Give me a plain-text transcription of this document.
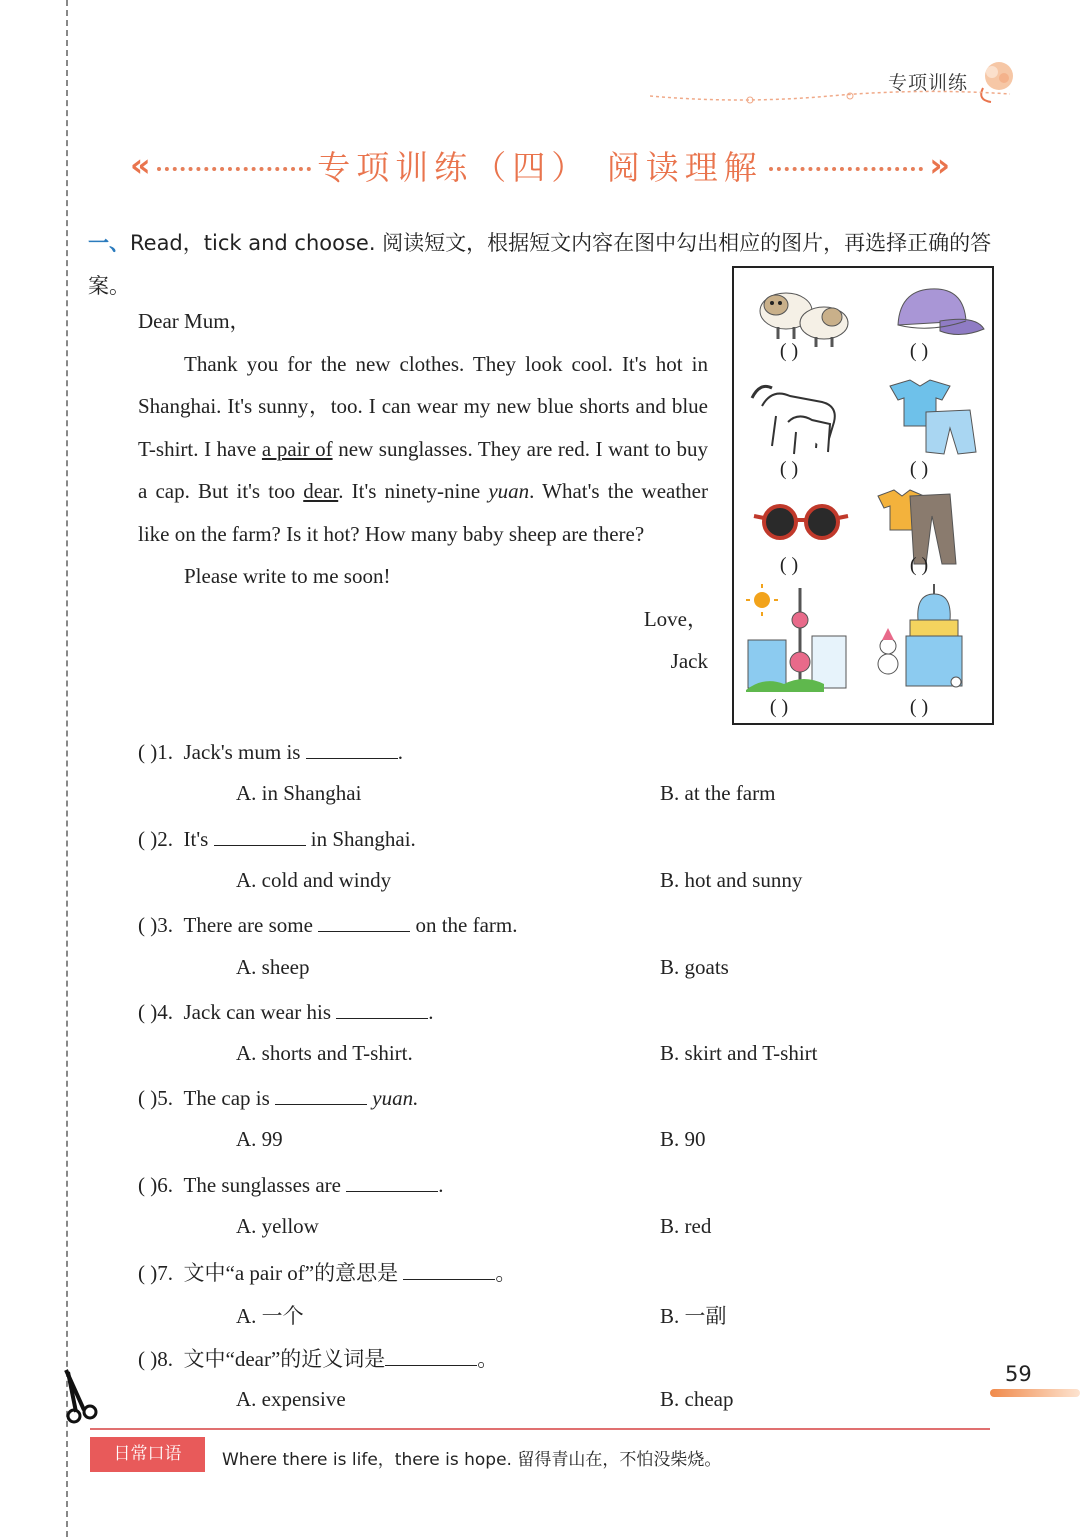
专项训练
«	专项训练（四） 阅读理解	»
一、Read，tick and choose. 阅读短文，根据短文内容在图中勾出相应的图片，再选择正确的答案。

Dear Mum，

Thank you for the new clothes. They look cool. It's hot in Shanghai. It's sunny，too. I can wear my new blue shorts and blue T-shirt. I have a pair of new sunglasses. They are red. I want to buy a cap. But it's too dear. It's ninety-nine yuan. What's the weather like on the farm? Is it hot? How many baby sheep are there?

Please write to me soon!

Love，

Jack

( )	( )
( )	( )
( )	( )
( )	( )
( )1. Jack's mum is	.
A. in Shanghai	B. at the farm
( )2. It's	in Shanghai.
A. cold and windy	B. hot and sunny
( )3. There are some	on the farm.
A. sheep	B. goats
( )4. Jack can wear his	.
A. shorts and T-shirt.	B. skirt and T-shirt
( )5. The cap is	yuan.
A. 99	B. 90
( )6. The sunglasses are	.
A. yellow	B. red
( )7. 文中“a pair of”的意思是	。
A. 一个	B. 一副
( )8. 文中“dear”的近义词是	。
A. expensive	B. cheap
59
日常口语	Where there is life，there is hope. 留得青山在，不怕没柴烧。
